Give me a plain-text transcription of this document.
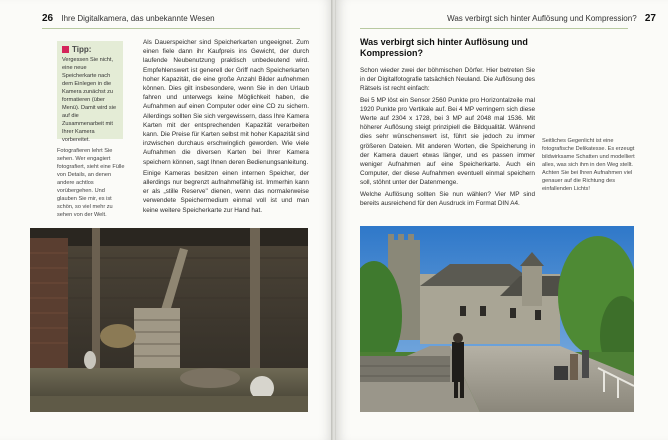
26 Ihre Digitalkamera, das unbekannte Wesen
Tipp:
Vergessen Sie nicht, eine neue Speicherkarte nach dem Einlegen in die Kamera zunächst zu formatieren (über Menü). Damit wird sie auf die Zusammenarbeit mit Ihrer Kamera vorbereitet.
Fotografieren lehrt Sie sehen. Wer engagiert fotografiert, sieht eine Fülle von Details, an denen andere achtlos vorübergehen. Und glauben Sie mir, es ist schön, so viel mehr zu sehen von der Welt.

Als Dauerspeicher sind Speicherkarten ungeeignet. Zum einen fiele dann ihr Kaufpreis ins Gewicht, der durch laufende Neubenutzung praktisch unbedeutend wird. Empfehlenswert ist generell der Griff nach Speicherkarten hoher Kapazität, die eine große Anzahl Bilder aufnehmen können. Dies gilt insbesondere, wenn Sie in den Urlaub fahren und unterwegs keine Möglichkeit haben, die Aufnahmen auf einen Computer oder eine CD zu sichern. Allerdings sollten Sie sich vergewissern, dass Ihre Kamera Karten mit der entsprechenden Kapazität verarbeiten kann. Die Preise für Karten selbst mit hoher Kapazität sind inzwischen durchaus erschwinglich geworden. Wie viele Aufnahmen die diversen Karten bei Ihrer Kamera speichern können, sagt Ihnen deren Bedienungsanleitung.

Einige Kameras besitzen einen internen Speicher, der allerdings nur begrenzt aufnahmefähig ist. Immerhin kann er als „stille Reserve" dienen, wenn das normalerweise verwendete Speichermedium einmal voll ist und man keine weitere Speicherkarte zur Hand hat.

Was verbirgt sich hinter Auflösung und Kompression? 27
Was verbirgt sich hinter Auflösung und Kompression?

Schon wieder zwei der böhmischen Dörfer. Hier betreten Sie in der Digitalfotografie tatsächlich Neuland. Die Auflösung des Rätsels ist recht einfach:

Bei 5 MP löst ein Sensor 2560 Punkte pro Horizontalzeile mal 1920 Punkte pro Vertikale auf. Bei 4 MP verringern sich diese Werte auf 2304 x 1728, bei 3 MP auf 2048 mal 1536. Mit höherer Auflösung steigt prinzipiell die Bildqualität. Während dies sehr wünschenswert ist, führt sie jedoch zu immer größeren Dateien. Mit anderen Worten, die Speicherung in der Kamera dauert etwas länger, und es passen immer weniger Aufnahmen auf eine Speicherkarte. Auch ein Computer, der diese Aufnahmen eventuell einmal speichern soll, stöhnt unter der Datenmenge.

Welche Auflösung sollten Sie nun wählen? Vier MP sind bereits ausreichend für den Ausdruck im Format DIN A4.

Seitliches Gegenlicht ist eine fotografische Delikatesse. Es erzeugt bildwirksame Schatten und modelliert alles, was sich ihm in den Weg stellt. Achten Sie bei Ihren Aufnahmen viel genauer auf die Richtung des einfallenden Lichts!
